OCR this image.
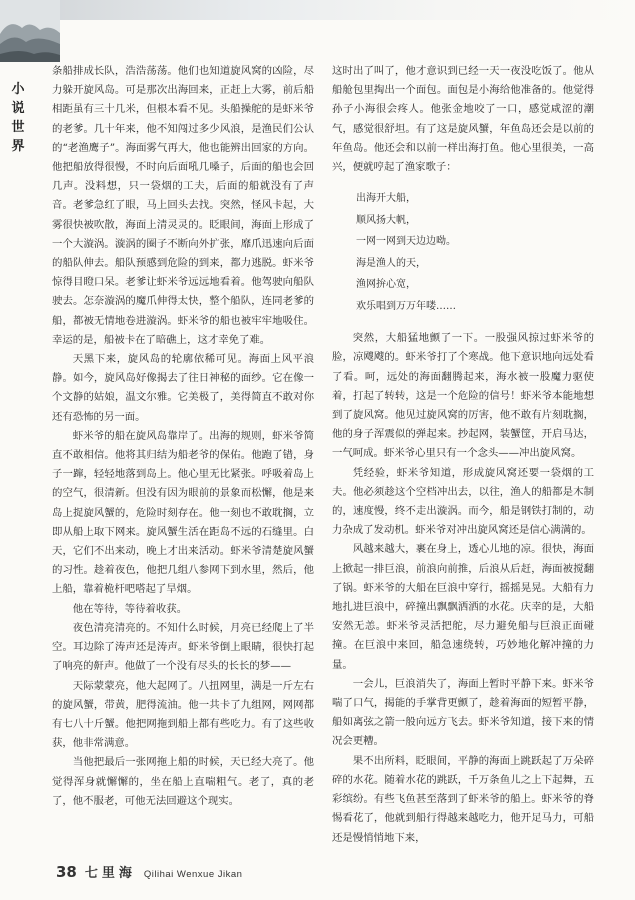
小说世界

条船排成长队，浩浩荡荡。他们也知道旋风窝的凶险，尽力躲开旋风岛。可是那次出海回来，正赶上大雾，前后船相距虽有三十几米，但根本看不见。头船操舵的是虾米爷的老爹。几十年来，他不知闯过多少风浪，是渔民们公认的“老渔鹰子”。海面雾气再大，他也能辨出回家的方向。他把船放得很慢，不时向后面吼几嗓子，后面的船也会回几声。没料想，只一袋烟的工夫，后面的船就没有了声音。老爹急红了眼，马上回头去找。突然，怪风卡起，大雾很快被吹散，海面上清灵灵的。眨眼间，海面上形成了一个大漩涡。漩涡的圈子不断向外扩张，靡爪迅速向后面的船队伸去。船队预感到危险的到来，都力逃脱。虾米爷惊得目瞪口呆。老爹让虾米爷远远地看着。他驾驶向船队驶去。怎奈漩涡的魔爪伸得太快，整个船队，连同老爹的船，都被无情地卷进漩涡。虾米爷的船也被牢牢地吸住。幸运的是，船被卡在了暗礁上，这才幸免了难。

天黑下来，旋风岛的轮廓依稀可见。海面上风平浪静。如今，旋风岛好像揭去了往日神秘的面纱。它在像一个文静的姑娘，温文尔雅。它美极了，美得简直不敢对你还有恐怖的另一面。

虾米爷的船在旋风岛靠岸了。出海的规则，虾米爷简直不敢相信。他将其归结为船老爷的保佑。他跑了错，身子一蹿，轻轻地落到岛上。他心里无比紧张。呼吸着岛上的空气，很清新。但没有因为眼前的景象而松懈，他是来岛上捉旋风蟹的，危险时刻存在。他一刻也不敢耽搁，立即从船上取下网来。旋风蟹生活在距岛不远的石缝里。白天，它们不出来动，晚上才出来活动。虾米爷清楚旋风蟹的习性。趁着夜色，他把几组八参网下到水里，然后，他上船，靠着桅杆吧嗒起了旱烟。

他在等待，等待着收获。

夜色清亮清亮的。不知什么时候，月亮已经爬上了半空。耳边除了涛声还是涛声。虾米爷倒上眼睛，很快打起了响亮的鼾声。他做了一个没有尽头的长长的梦——

天际蒙蒙亮，他大起网了。八扭网里，满是一斤左右的旋风蟹，带黄，肥得流油。他一共卡了九组网，网网都有七八十斤蟹。他把网拖到船上都有些吃力。有了这些收获，他非常满意。

当他把最后一张网拖上船的时候，天已经大亮了。他觉得浑身就懈懈的，坐在船上直喘粗气。老了，真的老了，他不服老，可他无法回避这个现实。

这时出了叫了，他才意识到已经一天一夜没吃饭了。他从船舱包里掏出一个面包。面包是小海给他准备的。他觉得孙子小海很会疼人。他张金地咬了一口，感觉咸涩的潮气，感觉很舒坦。有了这是旋风蟹，年鱼岛还会是以前的年鱼岛。他还会和以前一样出海打鱼。他心里很美，一高兴，便就哼起了渔家歌子：

出海开大船，
顺风扬大帆，
一网一网到天边边呦。
海是渔人的天，
渔网拚心宽，
欢乐唱到万万年喽……

突然，大船猛地颤了一下。一股强风掠过虾米爷的脸，凉飕飕的。虾米爷打了个寒战。他下意识地向远处看了看。呵，远处的海面翻腾起来，海水被一股魔力驱使着，打起了转转，这是一个危险的信号！虾米爷本能地想到了旋风窝。他见过旋风窝的厉害，他不敢有片刻耽搁，他的身子浑震似的弹起来。抄起网，装蟹筐，开启马达，一气呵成。虾米爷心里只有一个念头——冲出旋风窝。

凭经验，虾米爷知道，形成旋风窝还要一袋烟的工夫。他必须趁这个空档冲出去，以往，渔人的船都是木制的，速度慢，终不走出漩涡。而今，船是钢铁打制的，动力杂成了发动机。虾米爷对冲出旋风窝还是信心满满的。

风越来越大，裹在身上，透心儿地的凉。很快，海面上掀起一排巨浪，前浪向前推，后浪从后赶，海面被搅翻了锅。虾米爷的大船在巨浪中穿行，摇摇晃晃。大船有力地扎进巨浪中，碎撞出飘飘洒洒的水花。庆幸的是，大船安然无恙。虾米爷灵活把舵，尽力避免船与巨浪正面碰撞。在巨浪中来回，船急速绕转，巧妙地化解冲撞的力量。

一会儿，巨浪消失了，海面上暂时平静下来。虾米爷喘了口气，揭能的手掌背更颤了，趁着海面的短暂平静，船如离弦之箭一般向远方飞去。虾米爷知道，接下来的情况会更糟。

果不出所料，眨眼间，平静的海面上跳跃起了万朵碎碎的水花。随着水花的跳跃，千万条鱼儿之上下起舞，五彩缤纷。有些飞鱼甚至落到了虾米爷的船上。虾米爷的脊惕看花了，他就到船行得越来越吃力，他开足马力，可船还是慢悄悄地下来，

38 七里海 Qilihai Wenxue Jikan
